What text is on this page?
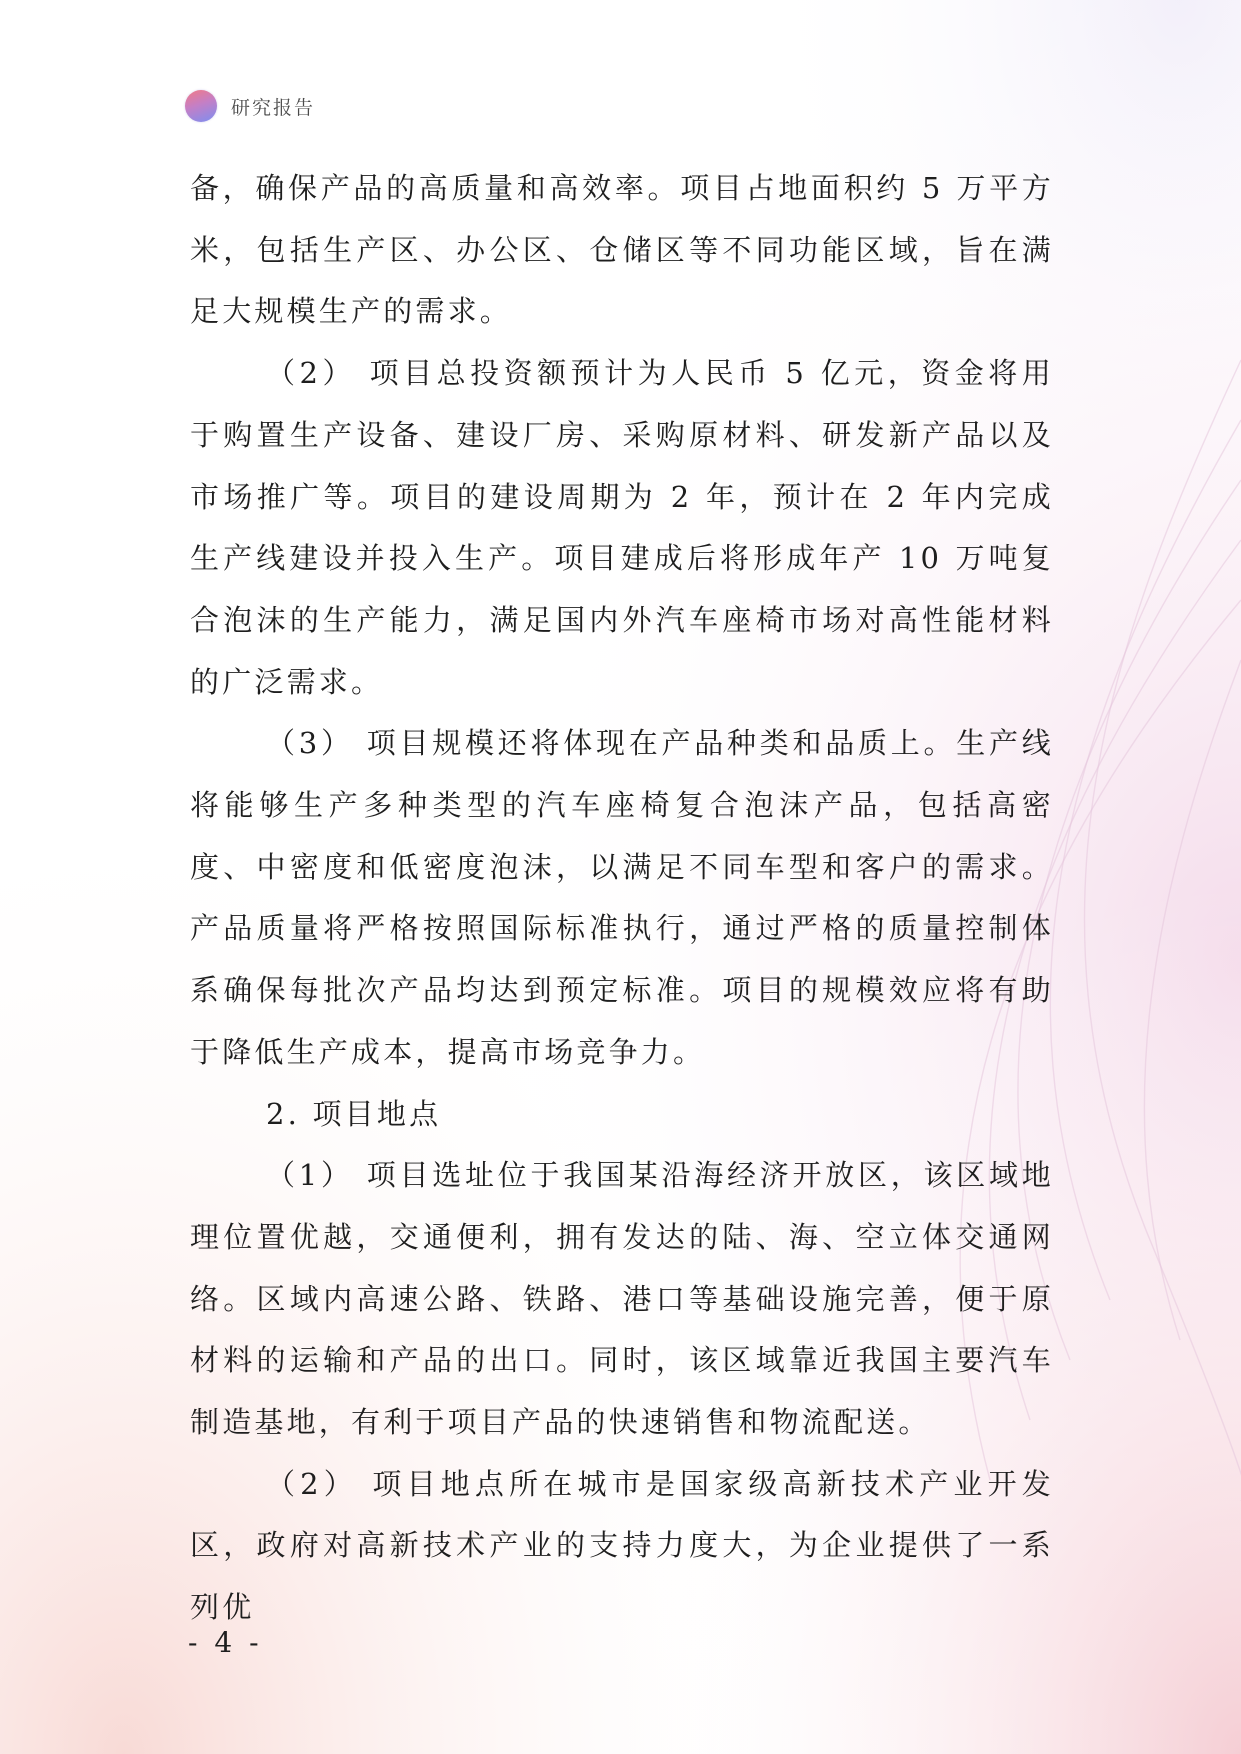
研究报告

备，确保产品的高质量和高效率。项目占地面积约 5 万平方米，包括生产区、办公区、仓储区等不同功能区域，旨在满足大规模生产的需求。

（2） 项目总投资额预计为人民币 5 亿元，资金将用于购置生产设备、建设厂房、采购原材料、研发新产品以及市场推广等。项目的建设周期为 2 年，预计在 2 年内完成生产线建设并投入生产。项目建成后将形成年产 10 万吨复合泡沫的生产能力，满足国内外汽车座椅市场对高性能材料的广泛需求。

（3） 项目规模还将体现在产品种类和品质上。生产线将能够生产多种类型的汽车座椅复合泡沫产品，包括高密度、中密度和低密度泡沫，以满足不同车型和客户的需求。产品质量将严格按照国际标准执行，通过严格的质量控制体系确保每批次产品均达到预定标准。项目的规模效应将有助于降低生产成本，提高市场竞争力。

2. 项目地点

（1） 项目选址位于我国某沿海经济开放区，该区域地理位置优越，交通便利，拥有发达的陆、海、空立体交通网络。区域内高速公路、铁路、港口等基础设施完善，便于原材料的运输和产品的出口。同时，该区域靠近我国主要汽车制造基地，有利于项目产品的快速销售和物流配送。

（2） 项目地点所在城市是国家级高新技术产业开发区，政府对高新技术产业的支持力度大，为企业提供了一系列优

- 4 -
